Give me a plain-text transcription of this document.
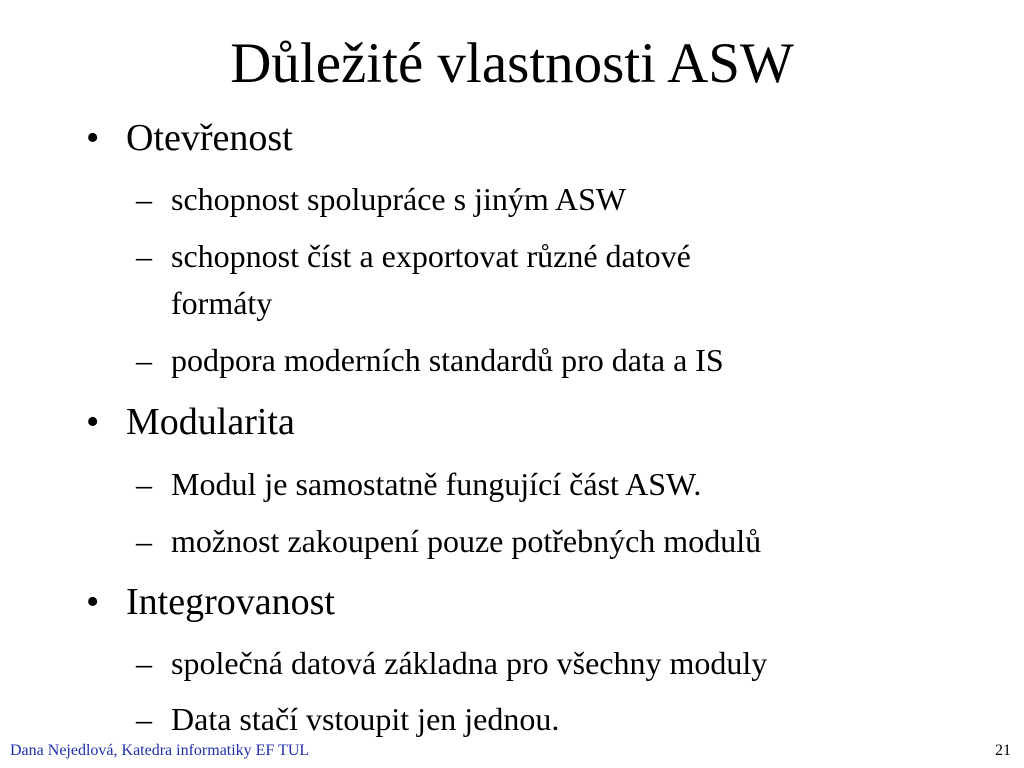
Důležité vlastnosti ASW
• Otevřenost
– schopnost spolupráce s jiným ASW
– schopnost číst a exportovat různé datové
formáty
– podpora moderních standardů pro data a IS
• Modularita
– Modul je samostatně fungující část ASW.
– možnost zakoupení pouze potřebných modulů
• Integrovanost
– společná datová základna pro všechny moduly
– Data stačí vstoupit jen jednou.
Dana Nejedlová, Katedra informatiky EF TUL	21
